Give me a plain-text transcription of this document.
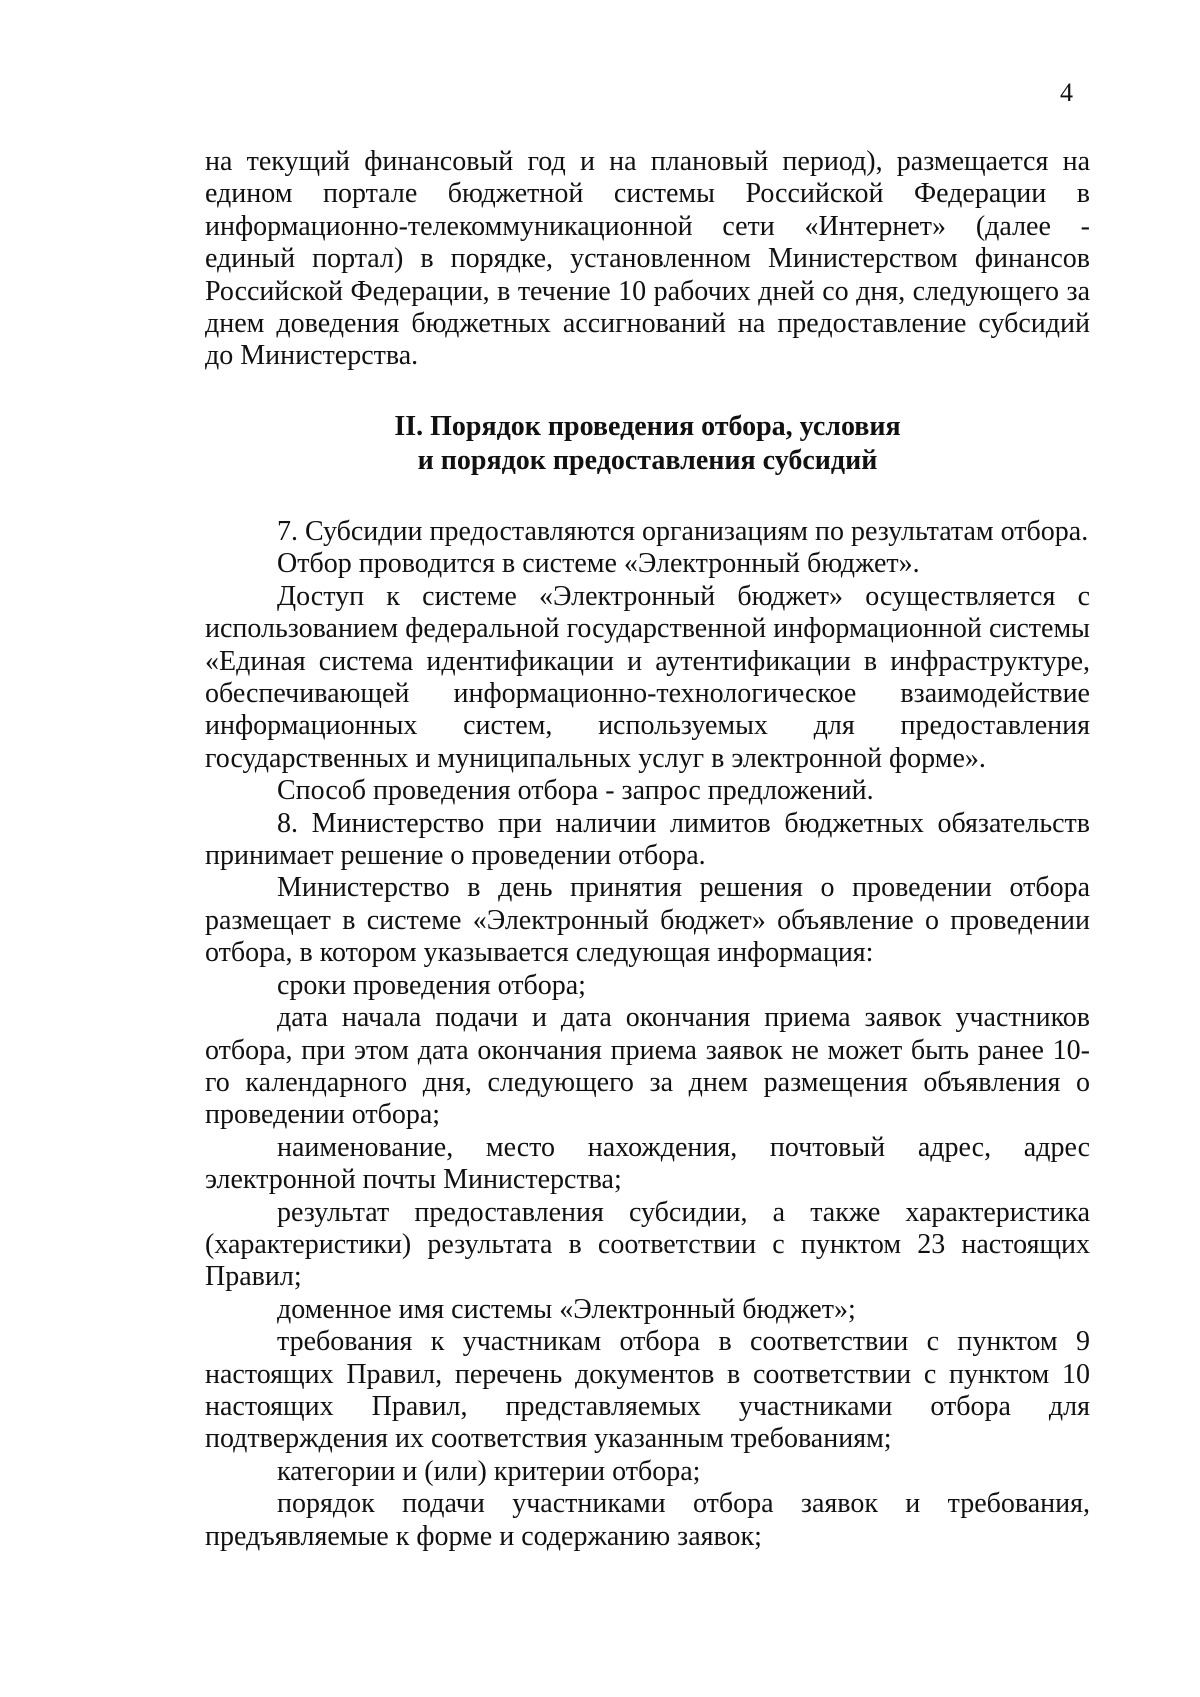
4

на текущий финансовый год и на плановый период), размещается на едином портале бюджетной системы Российской Федерации в информационно-телекоммуникационной сети «Интернет» (далее - единый портал) в порядке, установленном Министерством финансов Российской Федерации, в течение 10 рабочих дней со дня, следующего за днем доведения бюджетных ассигнований на предоставление субсидий до Министерства.

II. Порядок проведения отбора, условия
и порядок предоставления субсидий

7. Субсидии предоставляются организациям по результатам отбора.

Отбор проводится в системе «Электронный бюджет».

Доступ к системе «Электронный бюджет» осуществляется с использованием федеральной государственной информационной системы «Единая система идентификации и аутентификации в инфраструктуре, обеспечивающей информационно-технологическое взаимодействие информационных систем, используемых для предоставления государственных и муниципальных услуг в электронной форме».

Способ проведения отбора - запрос предложений.

8. Министерство при наличии лимитов бюджетных обязательств принимает решение о проведении отбора.

Министерство в день принятия решения о проведении отбора размещает в системе «Электронный бюджет» объявление о проведении отбора, в котором указывается следующая информация:

сроки проведения отбора;

дата начала подачи и дата окончания приема заявок участников отбора, при этом дата окончания приема заявок не может быть ранее 10-го календарного дня, следующего за днем размещения объявления о проведении отбора;

наименование, место нахождения, почтовый адрес, адрес электронной почты Министерства;

результат предоставления субсидии, а также характеристика (характеристики) результата в соответствии с пунктом 23 настоящих Правил;

доменное имя системы «Электронный бюджет»;

требования к участникам отбора в соответствии с пунктом 9 настоящих Правил, перечень документов в соответствии с пунктом 10 настоящих Правил, представляемых участниками отбора для подтверждения их соответствия указанным требованиям;

категории и (или) критерии отбора;

порядок подачи участниками отбора заявок и требования, предъявляемые к форме и содержанию заявок;
